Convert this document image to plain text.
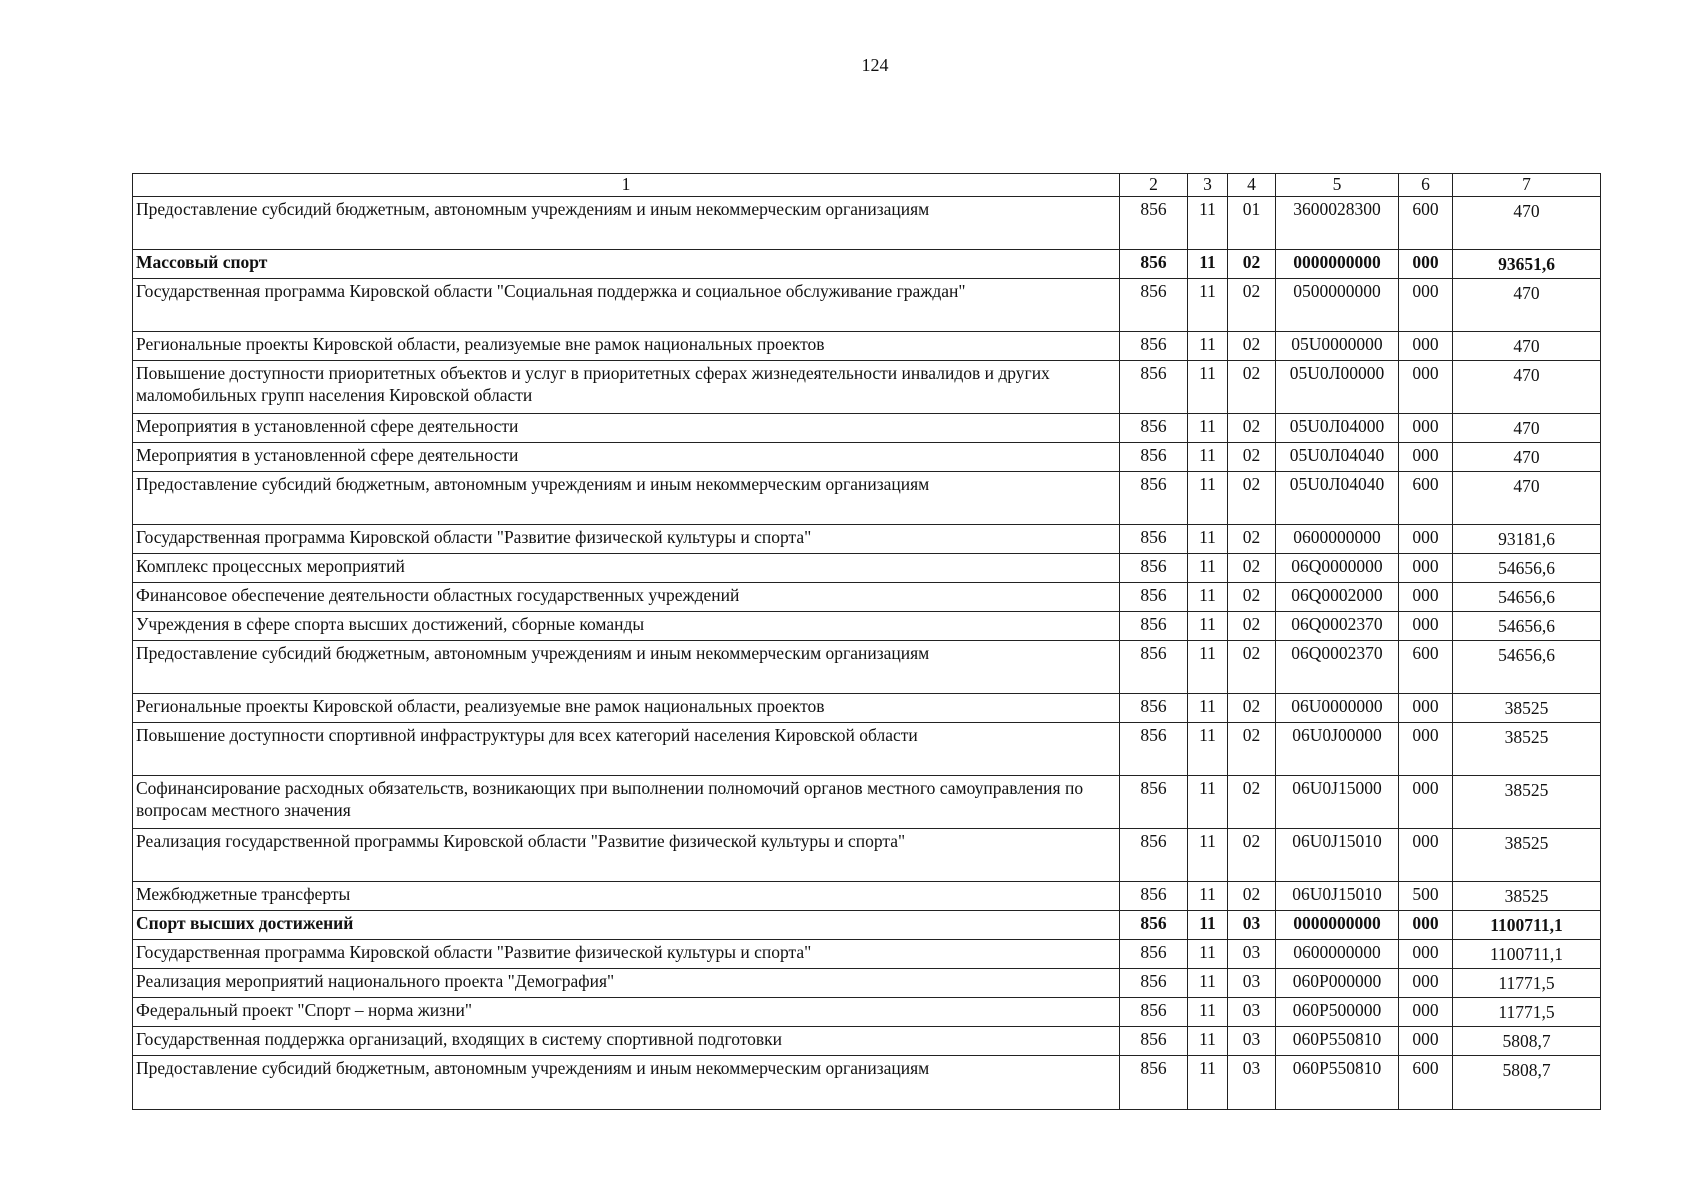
124
1	2	3	4	5	6	7
Предоставление субсидий бюджетным, автономным учреждениям и иным некоммерческим организациям	856	11	01	3600028300	600	470
Массовый спорт	856	11	02	0000000000	000	93651,6
Государственная программа Кировской области "Социальная поддержка и социальное обслуживание граждан"	856	11	02	0500000000	000	470
Региональные проекты Кировской области, реализуемые вне рамок национальных проектов	856	11	02	05U0000000	000	470
Повышение доступности приоритетных объектов и услуг в приоритетных сферах жизнедеятельности инвалидов и других маломобильных групп населения Кировской области	856	11	02	05U0Л00000	000	470
Мероприятия в установленной сфере деятельности	856	11	02	05U0Л04000	000	470
Мероприятия в установленной сфере деятельности	856	11	02	05U0Л04040	000	470
Предоставление субсидий бюджетным, автономным учреждениям и иным некоммерческим организациям	856	11	02	05U0Л04040	600	470
Государственная программа Кировской области "Развитие физической культуры и спорта"	856	11	02	0600000000	000	93181,6
Комплекс процессных мероприятий	856	11	02	06Q0000000	000	54656,6
Финансовое обеспечение деятельности областных государственных учреждений	856	11	02	06Q0002000	000	54656,6
Учреждения в сфере спорта высших достижений, сборные команды	856	11	02	06Q0002370	000	54656,6
Предоставление субсидий бюджетным, автономным учреждениям и иным некоммерческим организациям	856	11	02	06Q0002370	600	54656,6
Региональные проекты Кировской области, реализуемые вне рамок национальных проектов	856	11	02	06U0000000	000	38525
Повышение доступности спортивной инфраструктуры для всех категорий населения Кировской области	856	11	02	06U0J00000	000	38525
Софинансирование расходных обязательств, возникающих при выполнении полномочий органов местного самоуправления по вопросам местного значения	856	11	02	06U0J15000	000	38525
Реализация государственной программы Кировской области "Развитие физической культуры и спорта"	856	11	02	06U0J15010	000	38525
Межбюджетные трансферты	856	11	02	06U0J15010	500	38525
Спорт высших достижений	856	11	03	0000000000	000	1100711,1
Государственная программа Кировской области "Развитие физической культуры и спорта"	856	11	03	0600000000	000	1100711,1
Реализация мероприятий национального проекта "Демография"	856	11	03	060P000000	000	11771,5
Федеральный проект "Спорт – норма жизни"	856	11	03	060P500000	000	11771,5
Государственная поддержка организаций, входящих в систему спортивной подготовки	856	11	03	060P550810	000	5808,7
Предоставление субсидий бюджетным, автономным учреждениям и иным некоммерческим организациям	856	11	03	060P550810	600	5808,7
